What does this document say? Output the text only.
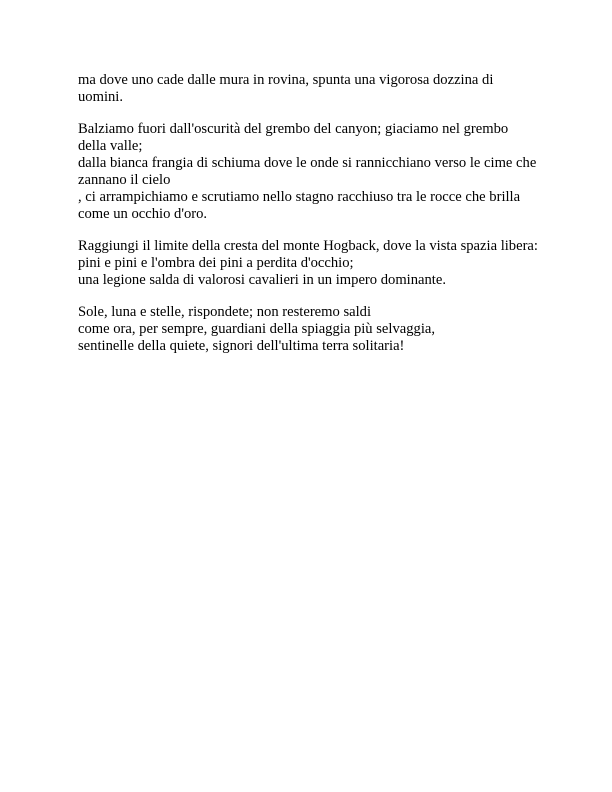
ma dove uno cade dalle mura in rovina, spunta una vigorosa dozzina di uomini.
Balziamo fuori dall'oscurità del grembo del canyon; giaciamo nel grembo della valle;
dalla bianca frangia di schiuma dove le onde si rannicchiano verso le cime che zannano il cielo
, ci arrampichiamo e scrutiamo nello stagno racchiuso tra le rocce che brilla come un occhio d'oro.
Raggiungi il limite della cresta del monte Hogback, dove la vista spazia libera:
pini e pini e l'ombra dei pini a perdita d'occhio;
una legione salda di valorosi cavalieri in un impero dominante.
Sole, luna e stelle, rispondete; non resteremo saldi
come ora, per sempre, guardiani della spiaggia più selvaggia,
sentinelle della quiete, signori dell'ultima terra solitaria!
